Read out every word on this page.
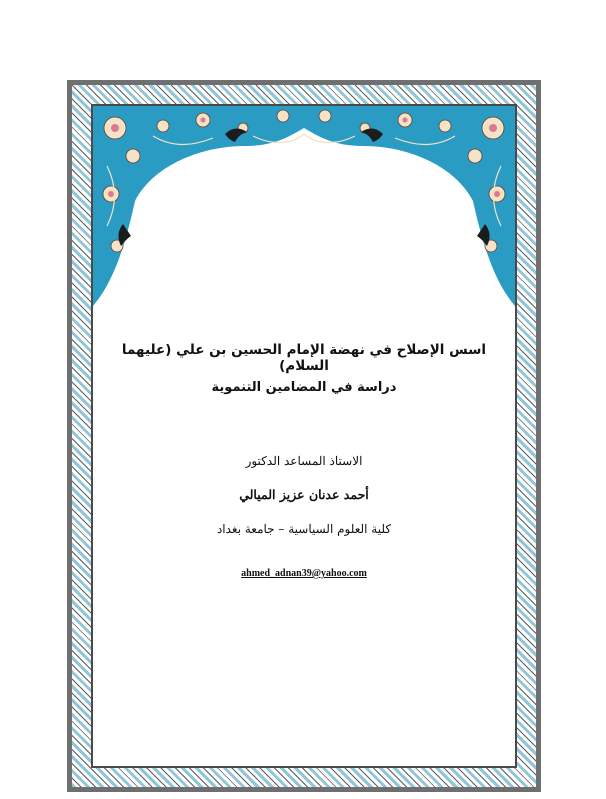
اسس الإصلاح في نهضة الإمام الحسين بن علي (عليهما السلام)
دراسة في المضامين التنموية
الاستاذ المساعد الدكتور
أحمد عدنان عزيز الميالي
كلية العلوم السياسية – جامعة بغداد
ahmed_adnan39@yahoo.com
